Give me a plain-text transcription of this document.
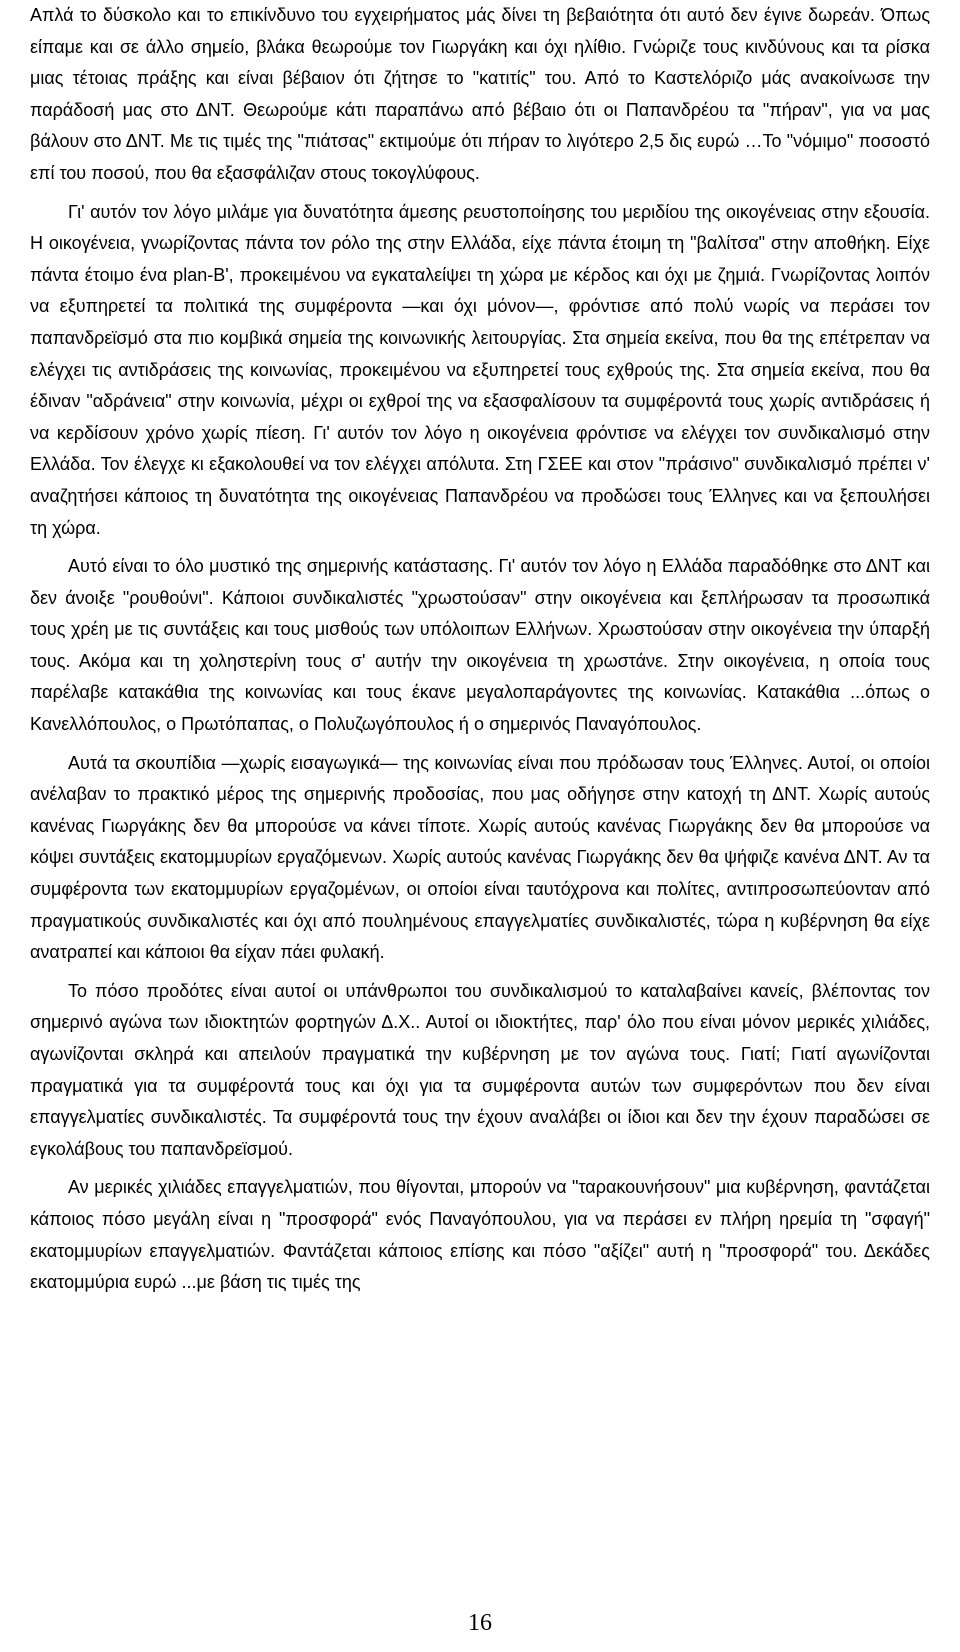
Απλά το δύσκολο και το επικίνδυνο του εγχειρήματος μάς δίνει τη βεβαιότητα ότι αυτό δεν έγινε δωρεάν. Όπως είπαμε και σε άλλο σημείο, βλάκα θεωρούμε τον Γιωργάκη και όχι ηλίθιο. Γνώριζε τους κινδύνους και τα ρίσκα μιας τέτοιας πράξης και είναι βέβαιον ότι ζήτησε το "κατιτίς" του. Από το Καστελόριζο μάς ανακοίνωσε την παράδοσή μας στο ΔΝΤ. Θεωρούμε κάτι παραπάνω από βέβαιο ότι οι Παπανδρέου τα "πήραν", για να μας βάλουν στο ΔΝΤ. Με τις τιμές της "πιάτσας" εκτιμούμε ότι πήραν το λιγότερο 2,5 δις ευρώ …Το "νόμιμο" ποσοστό επί του ποσού, που θα εξασφάλιζαν στους τοκογλύφους.

Γι' αυτόν τον λόγο μιλάμε για δυνατότητα άμεσης ρευστοποίησης του μεριδίου της οικογένειας στην εξουσία. Η οικογένεια, γνωρίζοντας πάντα τον ρόλο της στην Ελλάδα, είχε πάντα έτοιμη τη "βαλίτσα" στην αποθήκη. Είχε πάντα έτοιμο ένα plan-B', προκειμένου να εγκαταλείψει τη χώρα με κέρδος και όχι με ζημιά. Γνωρίζοντας λοιπόν να εξυπηρετεί τα πολιτικά της συμφέροντα —και όχι μόνον—, φρόντισε από πολύ νωρίς να περάσει τον παπανδρεϊσμό στα πιο κομβικά σημεία της κοινωνικής λειτουργίας. Στα σημεία εκείνα, που θα της επέτρεπαν να ελέγχει τις αντιδράσεις της κοινωνίας, προκειμένου να εξυπηρετεί τους εχθρούς της. Στα σημεία εκείνα, που θα έδιναν "αδράνεια" στην κοινωνία, μέχρι οι εχθροί της να εξασφαλίσουν τα συμφέροντά τους χωρίς αντιδράσεις ή να κερδίσουν χρόνο χωρίς πίεση. Γι' αυτόν τον λόγο η οικογένεια φρόντισε να ελέγχει τον συνδικαλισμό στην Ελλάδα. Τον έλεγχε κι εξακολουθεί να τον ελέγχει απόλυτα. Στη ΓΣΕΕ και στον "πράσινο" συνδικαλισμό πρέπει ν' αναζητήσει κάποιος τη δυνατότητα της οικογένειας Παπανδρέου να προδώσει τους Έλληνες και να ξεπουλήσει τη χώρα.

Αυτό είναι το όλο μυστικό της σημερινής κατάστασης. Γι' αυτόν τον λόγο η Ελλάδα παραδόθηκε στο ΔΝΤ και δεν άνοιξε "ρουθούνι". Κάποιοι συνδικαλιστές "χρωστούσαν" στην οικογένεια και ξεπλήρωσαν τα προσωπικά τους χρέη με τις συντάξεις και τους μισθούς των υπόλοιπων Ελλήνων. Χρωστούσαν στην οικογένεια την ύπαρξή τους. Ακόμα και τη χοληστερίνη τους σ' αυτήν την οικογένεια τη χρωστάνε. Στην οικογένεια, η οποία τους παρέλαβε κατακάθια της κοινωνίας και τους έκανε μεγαλοπαράγοντες της κοινωνίας. Κατακάθια ...όπως ο Κανελλόπουλος, ο Πρωτόπαπας, ο Πολυζωγόπουλος ή ο σημερινός Παναγόπουλος.

Αυτά τα σκουπίδια —χωρίς εισαγωγικά— της κοινωνίας είναι που πρόδωσαν τους Έλληνες. Αυτοί, οι οποίοι ανέλαβαν το πρακτικό μέρος της σημερινής προδοσίας, που μας οδήγησε στην κατοχή τη ΔΝΤ. Χωρίς αυτούς κανένας Γιωργάκης δεν θα μπορούσε να κάνει τίποτε. Χωρίς αυτούς κανένας Γιωργάκης δεν θα μπορούσε να κόψει συντάξεις εκατομμυρίων εργαζόμενων. Χωρίς αυτούς κανένας Γιωργάκης δεν θα ψήφιζε κανένα ΔΝΤ. Αν τα συμφέροντα των εκατομμυρίων εργαζομένων, οι οποίοι είναι ταυτόχρονα και πολίτες, αντιπροσωπεύονταν από πραγματικούς συνδικαλιστές και όχι από πουλημένους επαγγελματίες συνδικαλιστές, τώρα η κυβέρνηση θα είχε ανατραπεί και κάποιοι θα είχαν πάει φυλακή.

Το πόσο προδότες είναι αυτοί οι υπάνθρωποι του συνδικαλισμού το καταλαβαίνει κανείς, βλέποντας τον σημερινό αγώνα των ιδιοκτητών φορτηγών Δ.Χ.. Αυτοί οι ιδιοκτήτες, παρ' όλο που είναι μόνον μερικές χιλιάδες, αγωνίζονται σκληρά και απειλούν πραγματικά την κυβέρνηση με τον αγώνα τους. Γιατί; Γιατί αγωνίζονται πραγματικά για τα συμφέροντά τους και όχι για τα συμφέροντα αυτών των συμφερόντων που δεν είναι επαγγελματίες συνδικαλιστές. Τα συμφέροντά τους την έχουν αναλάβει οι ίδιοι και δεν την έχουν παραδώσει σε εγκολάβους του παπανδρεϊσμού.

Αν μερικές χιλιάδες επαγγελματιών, που θίγονται, μπορούν να "ταρακουνήσουν" μια κυβέρνηση, φαντάζεται κάποιος πόσο μεγάλη είναι η "προσφορά" ενός Παναγόπουλου, για να περάσει εν πλήρη ηρεμία τη "σφαγή" εκατομμυρίων επαγγελματιών. Φαντάζεται κάποιος επίσης και πόσο "αξίζει" αυτή η "προσφορά" του. Δεκάδες εκατομμύρια ευρώ ...με βάση τις τιμές της

16
